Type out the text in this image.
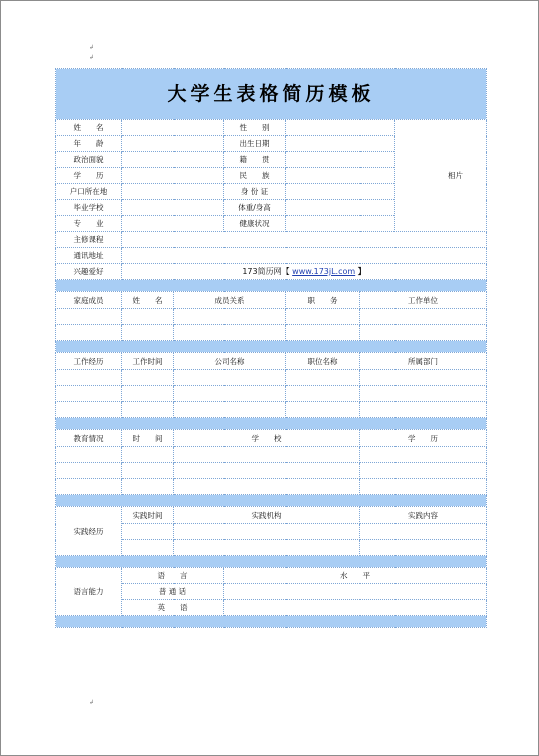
↲
↲
↲
大学生表格简历模板						
姓　　名			性　　别			相片
年　　龄			出生日期			
政治面貌			籍　　贯			
学　　历			民　　族			
户口所在地			身 份 证			
毕业学校			体重/身高			
专　　业			健康状况			
主修课程						
通讯地址						
兴趣爱好	173简历网【 www.173jL.com 】					

家庭成员	姓　　名	成员关系		职　　务	工作单位	

工作经历	工作时间	公司名称		职位名称	所属部门	

教育情况	时　　间	学　　校			学　　历	

实践经历	实践时间	实践机构			实践内容	

语言能力	语　　言		水　　平			
	普 通 话					
	英　　语					
